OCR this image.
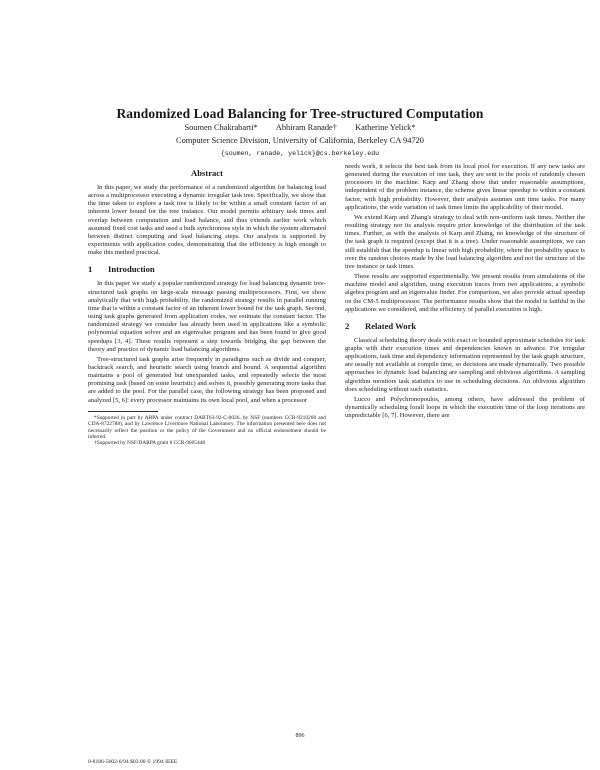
Randomized Load Balancing for Tree-structured Computation
Soumen Chakrabarti* Abhiram Ranade† Katherine Yelick*
Computer Science Division, University of California, Berkeley CA 94720
{soumen, ranade, yelick}@cs.berkeley.edu
Abstract

In this paper, we study the performance of a randomized algorithm for balancing load across a multiprocessor executing a dynamic irregular task tree. Specifically, we show that the time taken to explore a task tree is likely to be within a small constant factor of an inherent lower bound for the tree instance. Our model permits arbitrary task times and overlap between computation and load balance, and thus extends earlier work which assumed fixed cost tasks and used a bulk synchronous style in which the system alternated between distinct computing and load balancing steps. Our analysis is supported by experiments with application codes, demonstrating that the efficiency is high enough to make this method practical.

1 Introduction

In this paper we study a popular randomized strategy for load balancing dynamic tree-structured task graphs on large-scale message passing multiprocessors. First, we show analytically that with high probability, the randomized strategy results in parallel running time that is within a constant factor of an inherent lower bound for the task graph. Second, using task graphs generated from application codes, we estimate the constant factor. The randomized strategy we consider has already been used in applications like a symbolic polynomial equation solver and an eigenvalue program and has been found to give good speedups [3, 4]. These results represent a step towards bridging the gap between the theory and practice of dynamic load balancing algorithms.

Tree-structured task graphs arise frequently in paradigms such as divide and conquer, backtrack search, and heuristic search using branch and bound. A sequential algorithm maintains a pool of generated but unexpanded tasks, and repeatedly selects the most promising task (based on some heuristic) and solves it, possibly generating more tasks that are added to the pool. For the parallel case, the following strategy has been proposed and analyzed [5, 6]: every processor maintains its own local pool, and when a processor

*Supported in part by ARPA under contract DABT63-92-C-0026, by NSF (numbers CCR-9210260 and CDA-8722788), and by Lawrence Livermore National Laboratory. The information presented here does not necessarily reflect the position or the policy of the Government and no official endorsement should be inferred.

†Supported by NSF/DARPA grant # CCR-9005448

needs work, it selects the best task from its local pool for execution. If any new tasks are generated during the execution of one task, they are sent to the pools of randomly chosen processors in the machine. Karp and Zhang show that under reasonable assumptions, independent of the problem instance, the scheme gives linear speedup to within a constant factor, with high probability. However, their analysis assumes unit time tasks. For many applications, the wide variation of task times limits the applicability of their model.

We extend Karp and Zhang's strategy to deal with non-uniform task times. Neither the resulting strategy nor its analysis require prior knowledge of the distribution of the task times. Further, as with the analysis of Karp and Zhang, no knowledge of the structure of the task graph is required (except that it is a tree). Under reasonable assumptions, we can still establish that the speedup is linear with high probability, where the probability space is over the random choices made by the load balancing algorithm and not the structure of the tree instance or task times.

These results are supported experimentally. We present results from simulations of the machine model and algorithm, using execution traces from two applications, a symbolic algebra program and an eigenvalue finder. For comparison, we also provide actual speedup on the CM-5 multiprocessor. The performance results show that the model is faithful in the applications we considered, and the efficiency of parallel execution is high.

2 Related Work

Classical scheduling theory deals with exact or bounded approximate schedules for task graphs with their execution times and dependencies known in advance. For irregular applications, task time and dependency information represented by the task graph structure, are usually not available at compile time, so decisions are made dynamically. Two possible approaches to dynamic load balancing are sampling and oblivious algorithms. A sampling algorithm monitors task statistics to use in scheduling decisions. An oblivious algorithm does scheduling without such statistics.

Lucco and Polychronopoulos, among others, have addressed the problem of dynamically scheduling forall loops in which the execution time of the loop iterations are unpredictable [6, 7]. However, there are

896
0-8186-5602-6/94 $03.00 © 1994 IEEE
